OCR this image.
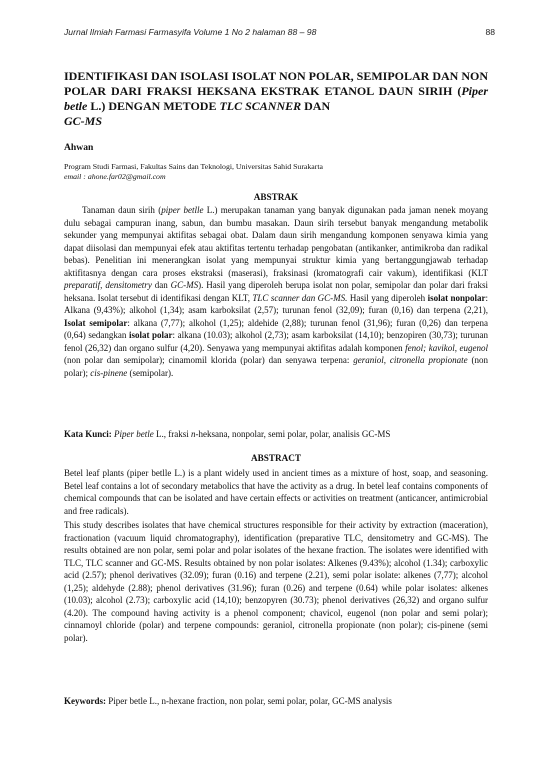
Jurnal Ilmiah Farmasi Farmasyifa Volume 1 No 2 halaman 88 – 98	88
IDENTIFIKASI DAN ISOLASI ISOLAT NON POLAR, SEMIPOLAR DAN NON POLAR DARI FRAKSI HEKSANA EKSTRAK ETANOL DAUN SIRIH (Piper betle L.) DENGAN METODE TLC SCANNER DAN
GC-MS

Ahwan

Program Studi Farmasi, Fakultas Sains dan Teknologi, Universitas Sahid Surakarta
email : ahone.far02@gmail.com

ABSTRAK

Tanaman daun sirih (piper betlle L.) merupakan tanaman yang banyak digunakan pada jaman nenek moyang dulu sebagai campuran inang, sabun, dan bumbu masakan. Daun sirih tersebut banyak mengandung metabolik sekunder yang mempunyai aktifitas sebagai obat. Dalam daun sirih mengandung komponen senyawa kimia yang dapat diisolasi dan mempunyai efek atau aktifitas tertentu terhadap pengobatan (antikanker, antimikroba dan radikal bebas). Penelitian ini menerangkan isolat yang mempunyai struktur kimia yang bertanggungjawab terhadap aktifitasnya dengan cara proses ekstraksi (maserasi), fraksinasi (kromatografi cair vakum), identifikasi (KLT preparatif, densitometry dan GC-MS). Hasil yang diperoleh berupa isolat non polar, semipolar dan polar dari fraksi heksana. Isolat tersebut di identifikasi dengan KLT, TLC scanner dan GC-MS. Hasil yang diperoleh isolat nonpolar: Alkana (9,43%); alkohol (1,34); asam karboksilat (2,57); turunan fenol (32,09); furan (0,16) dan terpena (2,21), Isolat semipolar: alkana (7,77); alkohol (1,25); aldehide (2,88); turunan fenol (31,96); furan (0,26) dan terpena (0,64) sedangkan isolat polar: alkana (10.03); alkohol (2,73); asam karboksilat (14,10); benzopiren (30,73); turunan fenol (26,32) dan organo sulfur (4,20). Senyawa yang mempunyai aktifitas adalah komponen fenol; kavikol, eugenol (non polar dan semipolar); cinamomil klorida (polar) dan senyawa terpena: geraniol, citronella propionate (non polar); cis-pinene (semipolar).

Kata Kunci: Piper betle L., fraksi n-heksana, nonpolar, semi polar, polar, analisis GC-MS

ABSTRACT
Betel leaf plants (piper betlle L.) is a plant widely used in ancient times as a mixture of host, soap, and seasoning. Betel leaf contains a lot of secondary metabolics that have the activity as a drug. In betel leaf contains components of chemical compounds that can be isolated and have certain effects or activities on treatment (anticancer, antimicrobial and free radicals).
This study describes isolates that have chemical structures responsible for their activity by extraction (maceration), fractionation (vacuum liquid chromatography), identification (preparative TLC, densitometry and GC-MS). The results obtained are non polar, semi polar and polar isolates of the hexane fraction. The isolates were identified with TLC, TLC scanner and GC-MS. Results obtained by non polar isolates: Alkenes (9.43%); alcohol (1.34); carboxylic acid (2.57); phenol derivatives (32.09); furan (0.16) and terpene (2.21), semi polar isolate: alkenes (7,77); alcohol (1,25); aldehyde (2.88); phenol derivatives (31.96); furan (0.26) and terpene (0.64) while polar isolates: alkenes (10.03); alcohol (2.73); carboxylic acid (14,10); benzopyren (30.73); phenol derivatives (26,32) and organo sulfur (4.20). The compound having activity is a phenol component; chavicol, eugenol (non polar and semi polar); cinnamoyl chloride (polar) and terpene compounds: geraniol, citronella propionate (non polar); cis-pinene (semi polar).

Keywords: Piper betle L., n-hexane fraction, non polar, semi polar, polar, GC-MS analysis
